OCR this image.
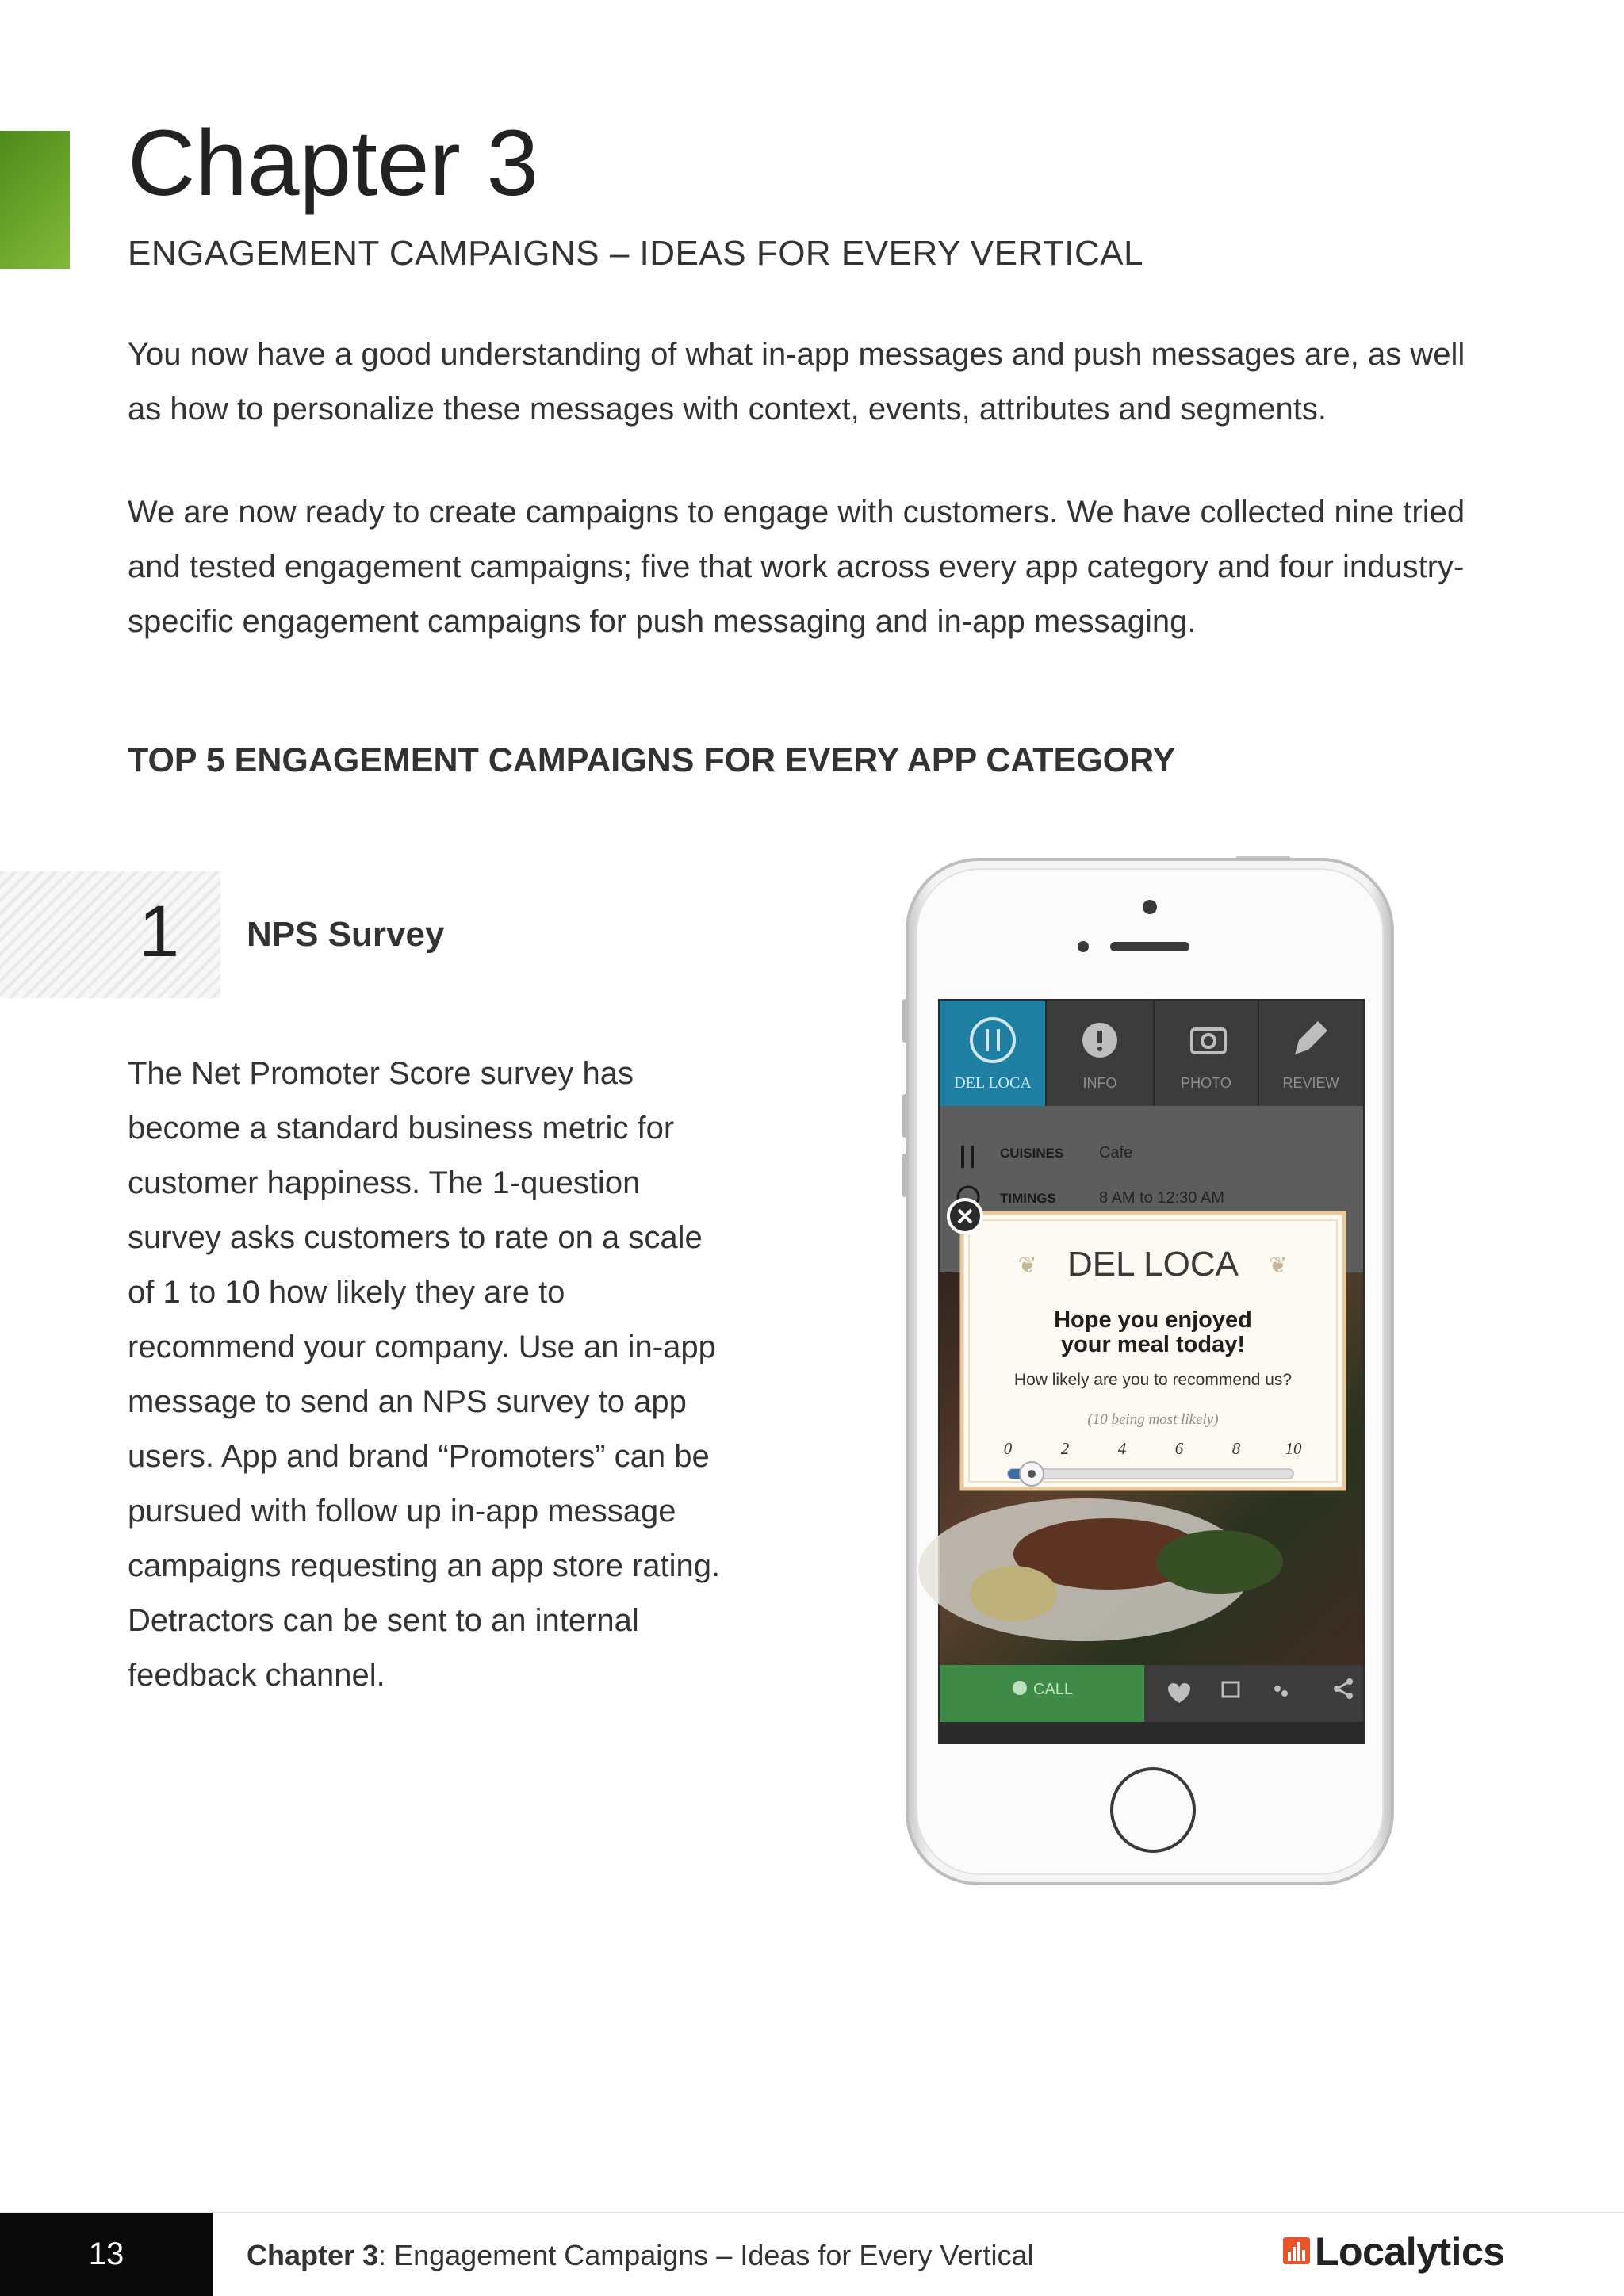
Chapter 3

ENGAGEMENT CAMPAIGNS – IDEAS FOR EVERY VERTICAL

You now have a good understanding of what in-app messages and push messages are, as well as how to personalize these messages with context, events, attributes and segments.

We are now ready to create campaigns to engage with customers. We have collected nine tried and tested engagement campaigns; five that work across every app category and four industry-specific engagement campaigns for push messaging and in-app messaging.

TOP 5 ENGAGEMENT CAMPAIGNS FOR EVERY APP CATEGORY
1 NPS Survey

The Net Promoter Score survey has become a standard business metric for customer happiness. The 1-question survey asks customers to rate on a scale of 1 to 10 how likely they are to recommend your company. Use an in-app message to send an NPS survey to app users. App and brand “Promoters” can be pursued with follow up in-app message campaigns requesting an app store rating. Detractors can be sent to an internal feedback channel.

DEL LOCA	INFO	PHOTO	REVIEW
CUISINES Cafe
TIMINGS	8 AM to 12:30 AM
CALL
DEL LOCA
❦	❦
Hope you enjoyed
your meal today!
How likely are you to recommend us?
(10 being most likely)
0	2	4	6	8	10
13	Chapter 3: Engagement Campaigns – Ideas for Every Vertical	Localytics
